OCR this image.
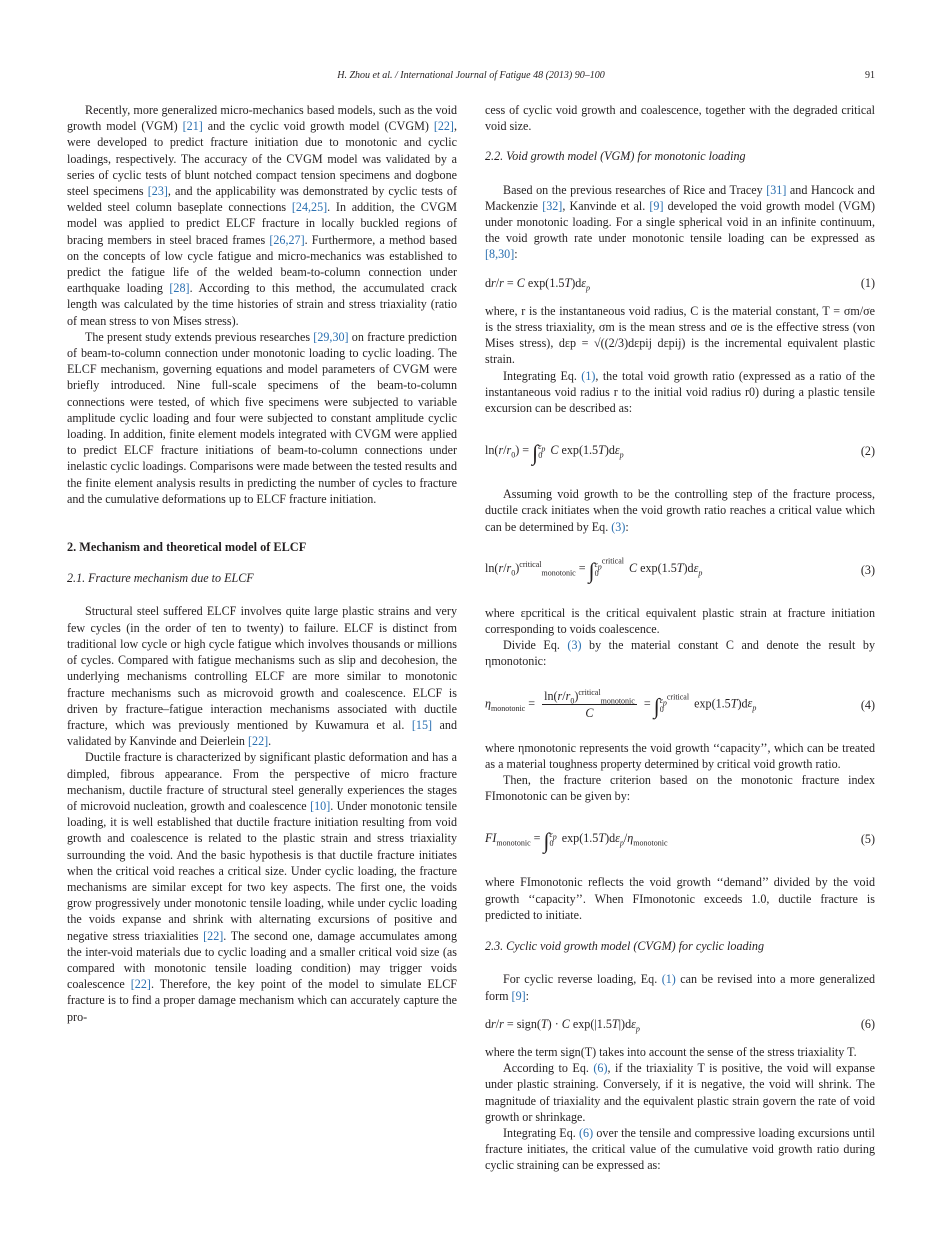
H. Zhou et al. / International Journal of Fatigue 48 (2013) 90–100	91

Recently, more generalized micro-mechanics based models, such as the void growth model (VGM) [21] and the cyclic void growth model (CVGM) [22], were developed to predict fracture initiation due to monotonic and cyclic loadings, respectively. The accuracy of the CVGM model was validated by a series of cyclic tests of blunt notched compact tension specimens and dogbone steel specimens [23], and the applicability was demonstrated by cyclic tests of welded steel column baseplate connections [24,25]. In addition, the CVGM model was applied to predict ELCF fracture in locally buckled regions of bracing members in steel braced frames [26,27]. Furthermore, a method based on the concepts of low cycle fatigue and micro-mechanics was established to predict the fatigue life of the welded beam-to-column connection under earthquake loading [28]. According to this method, the accumulated crack length was calculated by the time histories of strain and stress triaxiality (ratio of mean stress to von Mises stress).

The present study extends previous researches [29,30] on fracture prediction of beam-to-column connection under monotonic loading to cyclic loading. The ELCF mechanism, governing equations and model parameters of CVGM were briefly introduced. Nine full-scale specimens of the beam-to-column connections were tested, of which five specimens were subjected to variable amplitude cyclic loading and four were subjected to constant amplitude cyclic loading. In addition, finite element models integrated with CVGM were applied to predict ELCF fracture initiations of beam-to-column connections under inelastic cyclic loadings. Comparisons were made between the tested results and the finite element analysis results in predicting the number of cycles to fracture and the cumulative deformations up to ELCF fracture initiation.

2. Mechanism and theoretical model of ELCF
2.1. Fracture mechanism due to ELCF

Structural steel suffered ELCF involves quite large plastic strains and very few cycles (in the order of ten to twenty) to failure. ELCF is distinct from traditional low cycle or high cycle fatigue which involves thousands or millions of cycles. Compared with fatigue mechanisms such as slip and decohesion, the underlying mechanisms controlling ELCF are more similar to monotonic fracture mechanisms such as microvoid growth and coalescence. ELCF is driven by fracture–fatigue interaction mechanisms associated with ductile fracture, which was previously mentioned by Kuwamura et al. [15] and validated by Kanvinde and Deierlein [22].

Ductile fracture is characterized by significant plastic deformation and has a dimpled, fibrous appearance. From the perspective of micro fracture mechanism, ductile fracture of structural steel generally experiences the stages of microvoid nucleation, growth and coalescence [10]. Under monotonic tensile loading, it is well established that ductile fracture initiation resulting from void growth and coalescence is related to the plastic strain and stress triaxiality surrounding the void. And the basic hypothesis is that ductile fracture initiates when the critical void reaches a critical size. Under cyclic loading, the fracture mechanisms are similar except for two key aspects. The first one, the voids grow progressively under monotonic tensile loading, while under cyclic loading the voids expanse and shrink with alternating excursions of positive and negative stress triaxialities [22]. The second one, damage accumulates among the inter-void materials due to cyclic loading and a smaller critical void size (as compared with monotonic tensile loading condition) may trigger voids coalescence [22]. Therefore, the key point of the model to simulate ELCF fracture is to find a proper damage mechanism which can accurately capture the pro-

cess of cyclic void growth and coalescence, together with the degraded critical void size.

2.2. Void growth model (VGM) for monotonic loading

Based on the previous researches of Rice and Tracey [31] and Hancock and Mackenzie [32], Kanvinde et al. [9] developed the void growth model (VGM) under monotonic loading. For a single spherical void in an infinite continuum, the void growth rate under monotonic tensile loading can be expressed as [8,30]:

dr/r = C $\exp(1.5T)d\varepsilon_p$	(1)

where, r is the instantaneous void radius, C is the material constant, T = σm/σe is the stress triaxiality, σm is the mean stress and σe is the effective stress (von Mises stress), dεp = √((2/3)dεpij dεpij) is the incremental equivalent plastic strain.

Integrating Eq. (1), the total void growth ratio (expressed as a ratio of the instantaneous void radius r to the initial void radius r0) during a plastic tensile excursion can be described as:

$\ln(r/r_0) = \int\varepsilon_p$
0 C $\exp(1.5T)d\varepsilon_p$	(2)

Assuming void growth to be the controlling step of the fracture process, ductile crack initiates when the void growth ratio reaches a critical value which can be determined by Eq. (3):

$\ln(r/r_0)^{critical}_{monotonic} = \int\varepsilon_p^{critical}$
0	C $\exp(1.5T)d\varepsilon_p$	(3)

where εpcritical is the critical equivalent plastic strain at fracture initiation corresponding to voids coalescence.

Divide Eq. (3) by the material constant C and denote the result by ηmonotonic:

$\eta_{monotonic} = \frac{\ln(r/r_0)^{critical}_{monotonic}}{C} = \int\varepsilon_p^{critical}$
0 $\exp(1.5T)d\varepsilon_p$	(4)

where ηmonotonic represents the void growth ‘‘capacity’’, which can be treated as a material toughness property determined by critical void growth ratio.

Then, the fracture criterion based on the monotonic fracture index FImonotonic can be given by:

$FI_{monotonic} = \int\varepsilon_p$
0 $\exp(1.5T)d\varepsilon_p/\eta_{monotonic}$	(5)

where FImonotonic reflects the void growth ‘‘demand’’ divided by the void growth ‘‘capacity’’. When FImonotonic exceeds 1.0, ductile fracture is predicted to initiate.

2.3. Cyclic void growth model (CVGM) for cyclic loading

For cyclic reverse loading, Eq. (1) can be revised into a more generalized form [9]:

dr/r = sign(T) · C $\exp(|1.5T|)d\varepsilon_p$	(6)

where the term sign(T) takes into account the sense of the stress triaxiality T.

According to Eq. (6), if the triaxiality T is positive, the void will expanse under plastic straining. Conversely, if it is negative, the void will shrink. The magnitude of triaxiality and the equivalent plastic strain govern the rate of void growth or shrinkage.

Integrating Eq. (6) over the tensile and compressive loading excursions until fracture initiates, the critical value of the cumulative void growth ratio during cyclic straining can be expressed as:
